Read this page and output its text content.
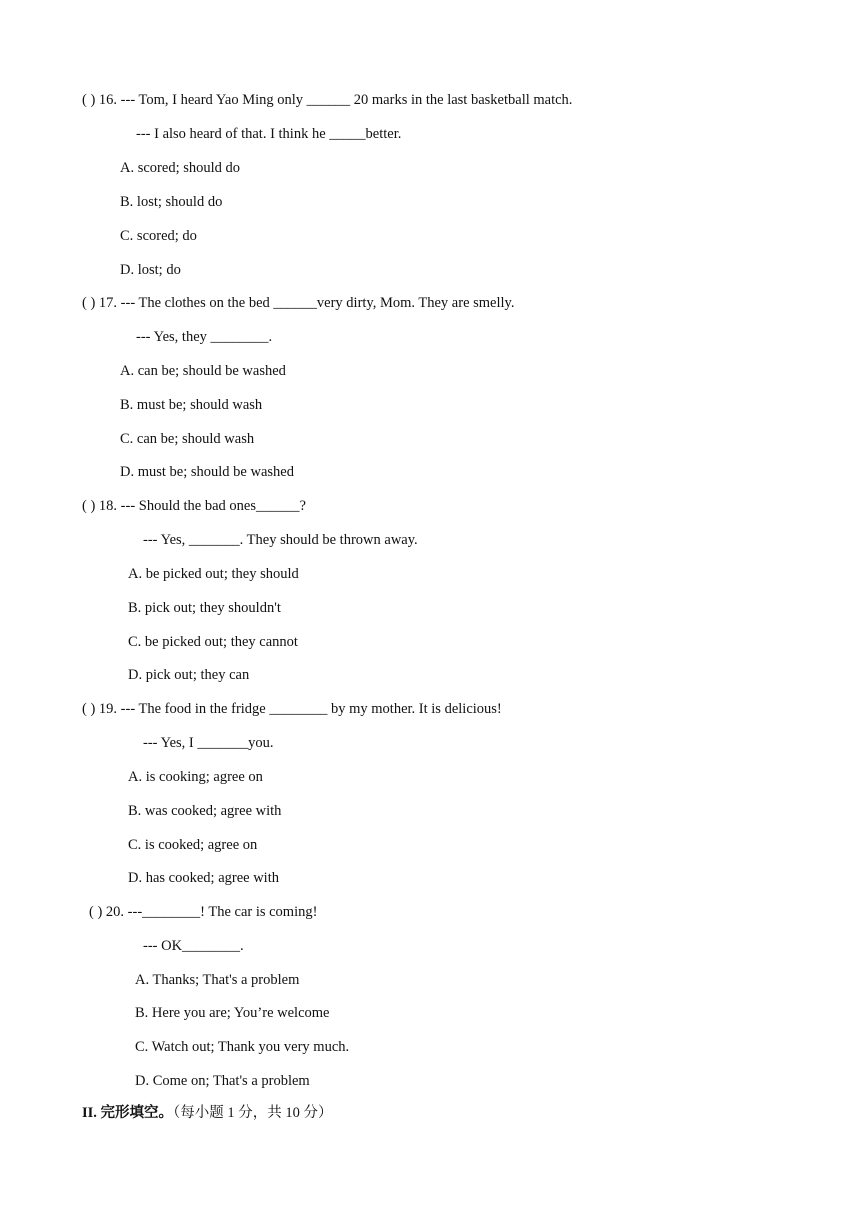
( ) 16. --- Tom, I heard Yao Ming only ______ 20 marks in the last basketball match.
--- I also heard of that. I think he _____better.
A. scored; should do
B. lost; should do
C. scored; do
D. lost; do
( ) 17. --- The clothes on the bed ______very dirty, Mom. They are smelly.
--- Yes, they ________.
A. can be; should be washed
B. must be; should wash
C. can be; should wash
D. must be; should be washed
( ) 18. --- Should the bad ones______?
--- Yes, _______. They should be thrown away.
A. be picked out; they should
B. pick out; they shouldn't
C. be picked out; they cannot
D. pick out; they can
( ) 19. --- The food in the fridge ________ by my mother. It is delicious!
--- Yes, I _______you.
A. is cooking; agree on
B. was cooked; agree with
C. is cooked; agree on
D. has cooked; agree with
( ) 20. ---________! The car is coming!
--- OK________.
A. Thanks; That's a problem
B. Here you are; You’re welcome
C. Watch out; Thank you very much.
D. Come on; That's a problem
II. 完形填空。（每小题 1 分，共 10 分）
